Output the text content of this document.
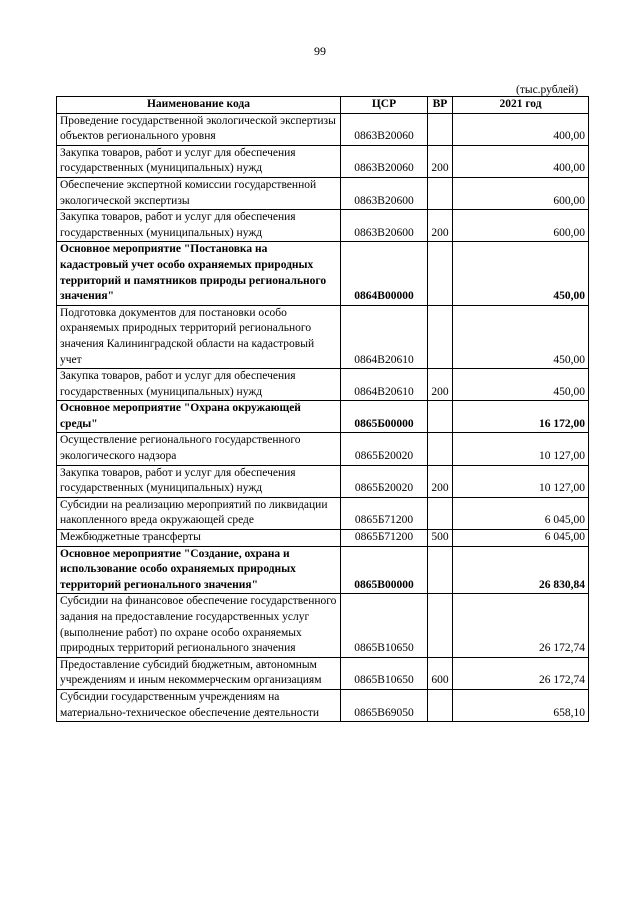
99
(тыс.рублей)
Наименование кода	ЦСР	ВР	2021 год
Проведение государственной экологической экспертизы объектов регионального уровня	0863В20060		400,00
Закупка товаров, работ и услуг для обеспечения государственных (муниципальных) нужд	0863В20060	200	400,00
Обеспечение экспертной комиссии государственной экологической экспертизы	0863В20600		600,00
Закупка товаров, работ и услуг для обеспечения государственных (муниципальных) нужд	0863В20600	200	600,00
Основное мероприятие "Постановка на кадастровый учет особо охраняемых природных территорий и памятников природы регионального значения"	0864В00000		450,00
Подготовка документов для постановки особо охраняемых природных территорий регионального значения Калининградской области на кадастровый учет	0864В20610		450,00
Закупка товаров, работ и услуг для обеспечения государственных (муниципальных) нужд	0864В20610	200	450,00
Основное мероприятие "Охрана окружающей среды"	0865Б00000		16 172,00
Осуществление регионального государственного экологического надзора	0865Б20020		10 127,00
Закупка товаров, работ и услуг для обеспечения государственных (муниципальных) нужд	0865Б20020	200	10 127,00
Субсидии на реализацию мероприятий по ликвидации накопленного вреда окружающей среде	0865Б71200		6 045,00
Межбюджетные трансферты	0865Б71200	500	6 045,00
Основное мероприятие "Создание, охрана и использование особо охраняемых природных территорий регионального значения"	0865В00000		26 830,84
Субсидии на финансовое обеспечение государственного задания на предоставление государственных услуг (выполнение работ) по охране особо охраняемых природных территорий регионального значения	0865В10650		26 172,74
Предоставление субсидий бюджетным, автономным учреждениям и иным некоммерческим организациям	0865В10650	600	26 172,74
Субсидии государственным учреждениям на материально-техническое обеспечение деятельности	0865В69050		658,10
